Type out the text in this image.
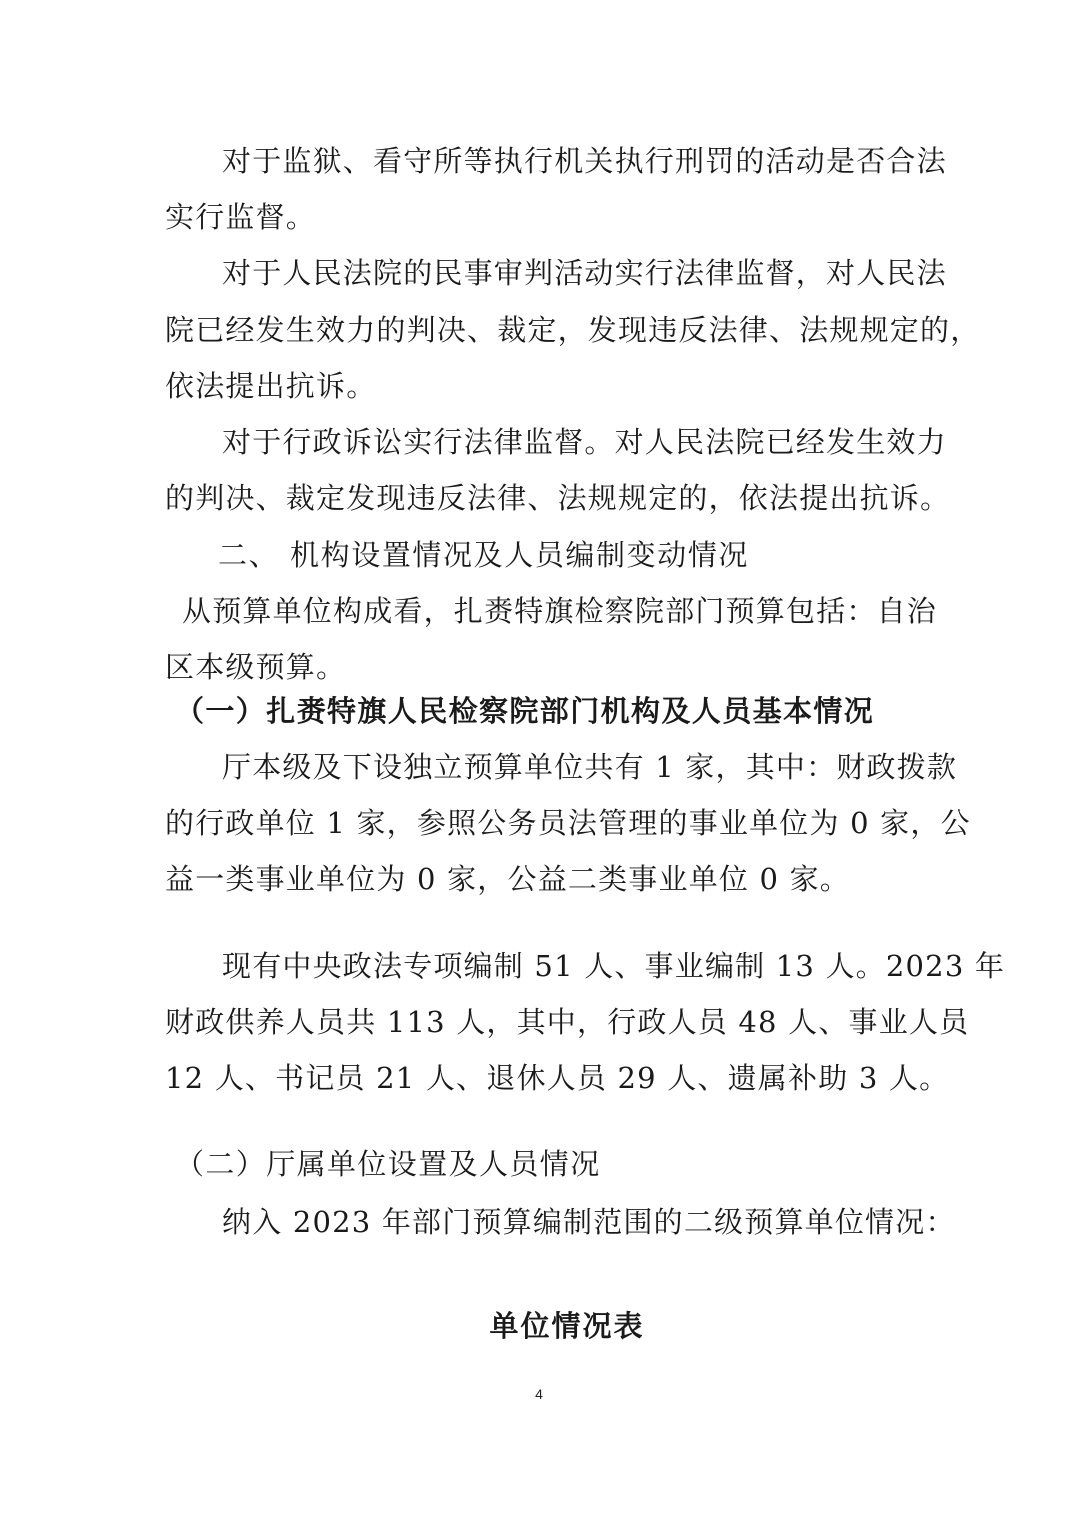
对于监狱、看守所等执行机关执行刑罚的活动是否合法
实行监督。
对于人民法院的民事审判活动实行法律监督，对人民法
院已经发生效力的判决、裁定，发现违反法律、法规规定的，
依法提出抗诉。
对于行政诉讼实行法律监督。对人民法院已经发生效力
的判决、裁定发现违反法律、法规规定的，依法提出抗诉。
二、 机构设置情况及人员编制变动情况
从预算单位构成看，扎赉特旗检察院部门预算包括：自治
区本级预算。
（一）扎赉特旗人民检察院部门机构及人员基本情况
厅本级及下设独立预算单位共有 1 家，其中：财政拨款
的行政单位 1 家，参照公务员法管理的事业单位为 0 家，公
益一类事业单位为 0 家，公益二类事业单位 0 家。
现有中央政法专项编制 51 人、事业编制 13 人。2023 年
财政供养人员共 113 人，其中，行政人员 48 人、事业人员
12 人、书记员 21 人、退休人员 29 人、遗属补助 3 人。
（二）厅属单位设置及人员情况
纳入 2023 年部门预算编制范围的二级预算单位情况：
单位情况表
4
